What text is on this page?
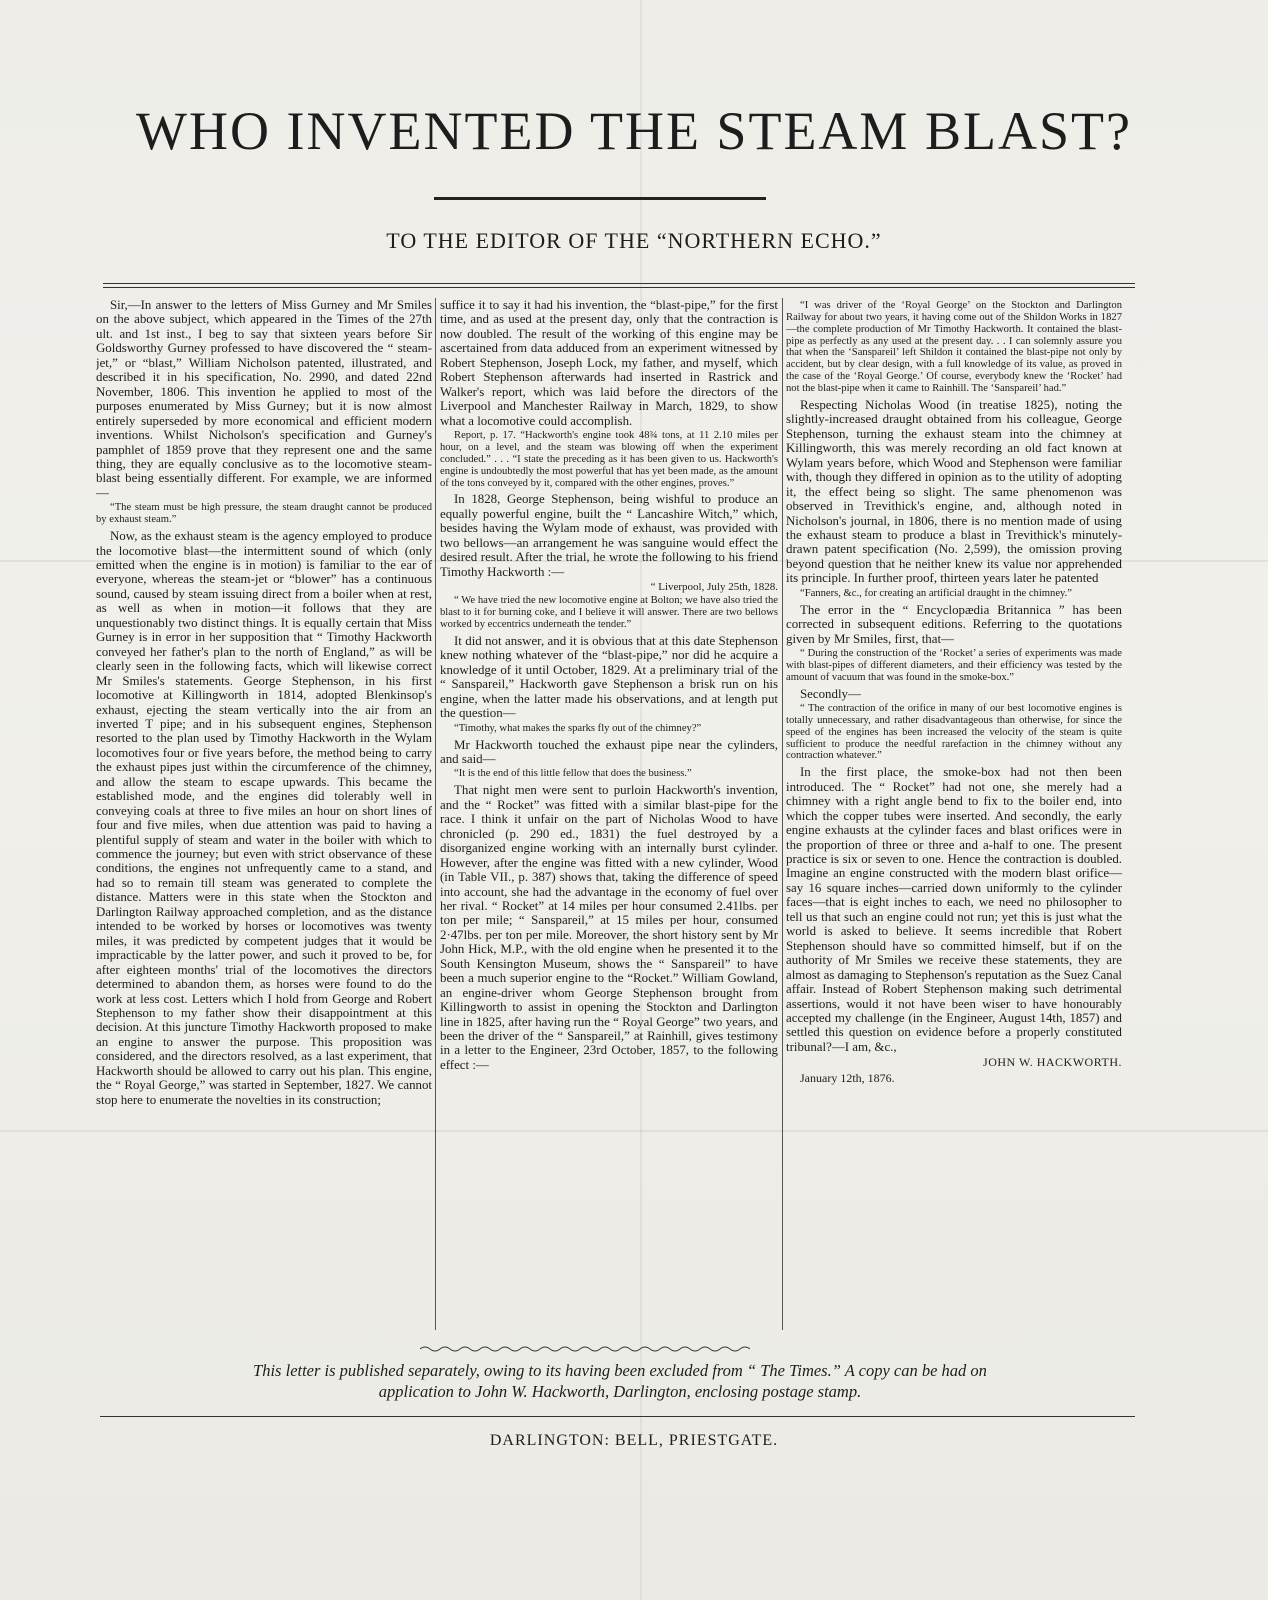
WHO INVENTED THE STEAM BLAST?
TO THE EDITOR OF THE “NORTHERN ECHO.”

Sir,—In answer to the letters of Miss Gurney and Mr Smiles on the above subject, which appeared in the Times of the 27th ult. and 1st inst., I beg to say that sixteen years before Sir Goldsworthy Gurney professed to have discovered the “ steam-jet,” or “blast,” William Nicholson patented, illustrated, and described it in his specification, No. 2990, and dated 22nd November, 1806. This invention he applied to most of the purposes enumerated by Miss Gurney; but it is now almost entirely superseded by more economical and efficient modern inventions. Whilst Nicholson's specification and Gurney's pamphlet of 1859 prove that they represent one and the same thing, they are equally conclusive as to the locomotive steam-blast being essentially different. For example, we are informed—

“The steam must be high pressure, the steam draught cannot be produced by exhaust steam.”

Now, as the exhaust steam is the agency employed to produce the locomotive blast—the intermittent sound of which (only emitted when the engine is in motion) is familiar to the ear of everyone, whereas the steam-jet or “blower” has a continuous sound, caused by steam issuing direct from a boiler when at rest, as well as when in motion—it follows that they are unquestionably two distinct things. It is equally certain that Miss Gurney is in error in her supposition that “ Timothy Hackworth conveyed her father's plan to the north of England,” as will be clearly seen in the following facts, which will likewise correct Mr Smiles's statements. George Stephenson, in his first locomotive at Killingworth in 1814, adopted Blenkinsop's exhaust, ejecting the steam vertically into the air from an inverted T pipe; and in his subsequent engines, Stephenson resorted to the plan used by Timothy Hackworth in the Wylam locomotives four or five years before, the method being to carry the exhaust pipes just within the circumference of the chimney, and allow the steam to escape upwards. This became the established mode, and the engines did tolerably well in conveying coals at three to five miles an hour on short lines of four and five miles, when due attention was paid to having a plentiful supply of steam and water in the boiler with which to commence the journey; but even with strict observance of these conditions, the engines not unfrequently came to a stand, and had so to remain till steam was generated to complete the distance. Matters were in this state when the Stockton and Darlington Railway approached completion, and as the distance intended to be worked by horses or locomotives was twenty miles, it was predicted by competent judges that it would be impracticable by the latter power, and such it proved to be, for after eighteen months' trial of the locomotives the directors determined to abandon them, as horses were found to do the work at less cost. Letters which I hold from George and Robert Stephenson to my father show their disappointment at this decision. At this juncture Timothy Hackworth proposed to make an engine to answer the purpose. This proposition was considered, and the directors resolved, as a last experiment, that Hackworth should be allowed to carry out his plan. This engine, the “ Royal George,” was started in September, 1827. We cannot stop here to enumerate the novelties in its construction;

suffice it to say it had his invention, the “blast-pipe,” for the first time, and as used at the present day, only that the contraction is now doubled. The result of the working of this engine may be ascertained from data adduced from an experiment witnessed by Robert Stephenson, Joseph Lock, my father, and myself, which Robert Stephenson afterwards had inserted in Rastrick and Walker's report, which was laid before the directors of the Liverpool and Manchester Railway in March, 1829, to show what a locomotive could accomplish.

Report, p. 17. “Hackworth's engine took 48¾ tons, at 11 2.10 miles per hour, on a level, and the steam was blowing off when the experiment concluded.” . . . “I state the preceding as it has been given to us. Hackworth's engine is undoubtedly the most powerful that has yet been made, as the amount of the tons conveyed by it, compared with the other engines, proves.”

In 1828, George Stephenson, being wishful to produce an equally powerful engine, built the “ Lancashire Witch,” which, besides having the Wylam mode of exhaust, was provided with two bellows—an arrangement he was sanguine would effect the desired result. After the trial, he wrote the following to his friend Timothy Hackworth :—

“ Liverpool, July 25th, 1828.

“ We have tried the new locomotive engine at Bolton; we have also tried the blast to it for burning coke, and I believe it will answer. There are two bellows worked by eccentrics underneath the tender.”

It did not answer, and it is obvious that at this date Stephenson knew nothing whatever of the “blast-pipe,” nor did he acquire a knowledge of it until October, 1829. At a preliminary trial of the “ Sanspareil,” Hackworth gave Stephenson a brisk run on his engine, when the latter made his observations, and at length put the question—

“Timothy, what makes the sparks fly out of the chimney?”

Mr Hackworth touched the exhaust pipe near the cylinders, and said—

“It is the end of this little fellow that does the business.”

That night men were sent to purloin Hackworth's invention, and the “ Rocket” was fitted with a similar blast-pipe for the race. I think it unfair on the part of Nicholas Wood to have chronicled (p. 290 ed., 1831) the fuel destroyed by a disorganized engine working with an internally burst cylinder. However, after the engine was fitted with a new cylinder, Wood (in Table VII., p. 387) shows that, taking the difference of speed into account, she had the advantage in the economy of fuel over her rival. “ Rocket” at 14 miles per hour consumed 2.41lbs. per ton per mile; “ Sanspareil,” at 15 miles per hour, consumed 2·47lbs. per ton per mile. Moreover, the short history sent by Mr John Hick, M.P., with the old engine when he presented it to the South Kensington Museum, shows the “ Sanspareil” to have been a much superior engine to the “Rocket.” William Gowland, an engine-driver whom George Stephenson brought from Killingworth to assist in opening the Stockton and Darlington line in 1825, after having run the “ Royal George” two years, and been the driver of the “ Sanspareil,” at Rainhill, gives testimony in a letter to the Engineer, 23rd October, 1857, to the following effect :—

“I was driver of the ‘Royal George’ on the Stockton and Darlington Railway for about two years, it having come out of the Shildon Works in 1827—the complete production of Mr Timothy Hackworth. It contained the blast-pipe as perfectly as any used at the present day. . . I can solemnly assure you that when the ‘Sanspareil’ left Shildon it contained the blast-pipe not only by accident, but by clear design, with a full knowledge of its value, as proved in the case of the ‘Royal George.’ Of course, everybody knew the ‘Rocket’ had not the blast-pipe when it came to Rainhill. The ‘Sanspareil’ had.”

Respecting Nicholas Wood (in treatise 1825), noting the slightly-increased draught obtained from his colleague, George Stephenson, turning the exhaust steam into the chimney at Killingworth, this was merely recording an old fact known at Wylam years before, which Wood and Stephenson were familiar with, though they differed in opinion as to the utility of adopting it, the effect being so slight. The same phenomenon was observed in Trevithick's engine, and, although noted in Nicholson's journal, in 1806, there is no mention made of using the exhaust steam to produce a blast in Trevithick's minutely-drawn patent specification (No. 2,599), the omission proving beyond question that he neither knew its value nor apprehended its principle. In further proof, thirteen years later he patented

“Fanners, &c., for creating an artificial draught in the chimney.”

The error in the “ Encyclopædia Britannica ” has been corrected in subsequent editions. Referring to the quotations given by Mr Smiles, first, that—

“ During the construction of the ‘Rocket’ a series of experiments was made with blast-pipes of different diameters, and their efficiency was tested by the amount of vacuum that was found in the smoke-box.”

Secondly—

“ The contraction of the orifice in many of our best locomotive engines is totally unnecessary, and rather disadvantageous than otherwise, for since the speed of the engines has been increased the velocity of the steam is quite sufficient to produce the needful rarefaction in the chimney without any contraction whatever.”

In the first place, the smoke-box had not then been introduced. The “ Rocket” had not one, she merely had a chimney with a right angle bend to fix to the boiler end, into which the copper tubes were inserted. And secondly, the early engine exhausts at the cylinder faces and blast orifices were in the proportion of three or three and a-half to one. The present practice is six or seven to one. Hence the contraction is doubled. Imagine an engine constructed with the modern blast orifice—say 16 square inches—carried down uniformly to the cylinder faces—that is eight inches to each, we need no philosopher to tell us that such an engine could not run; yet this is just what the world is asked to believe. It seems incredible that Robert Stephenson should have so committed himself, but if on the authority of Mr Smiles we receive these statements, they are almost as damaging to Stephenson's reputation as the Suez Canal affair. Instead of Robert Stephenson making such detrimental assertions, would it not have been wiser to have honourably accepted my challenge (in the Engineer, August 14th, 1857) and settled this question on evidence before a properly constituted tribunal?—I am, &c.,

JOHN W. HACKWORTH.

January 12th, 1876.

This letter is published separately, owing to its having been excluded from “ The Times.” A copy can be had on
application to John W. Hackworth, Darlington, enclosing postage stamp.
DARLINGTON: BELL, PRIESTGATE.
